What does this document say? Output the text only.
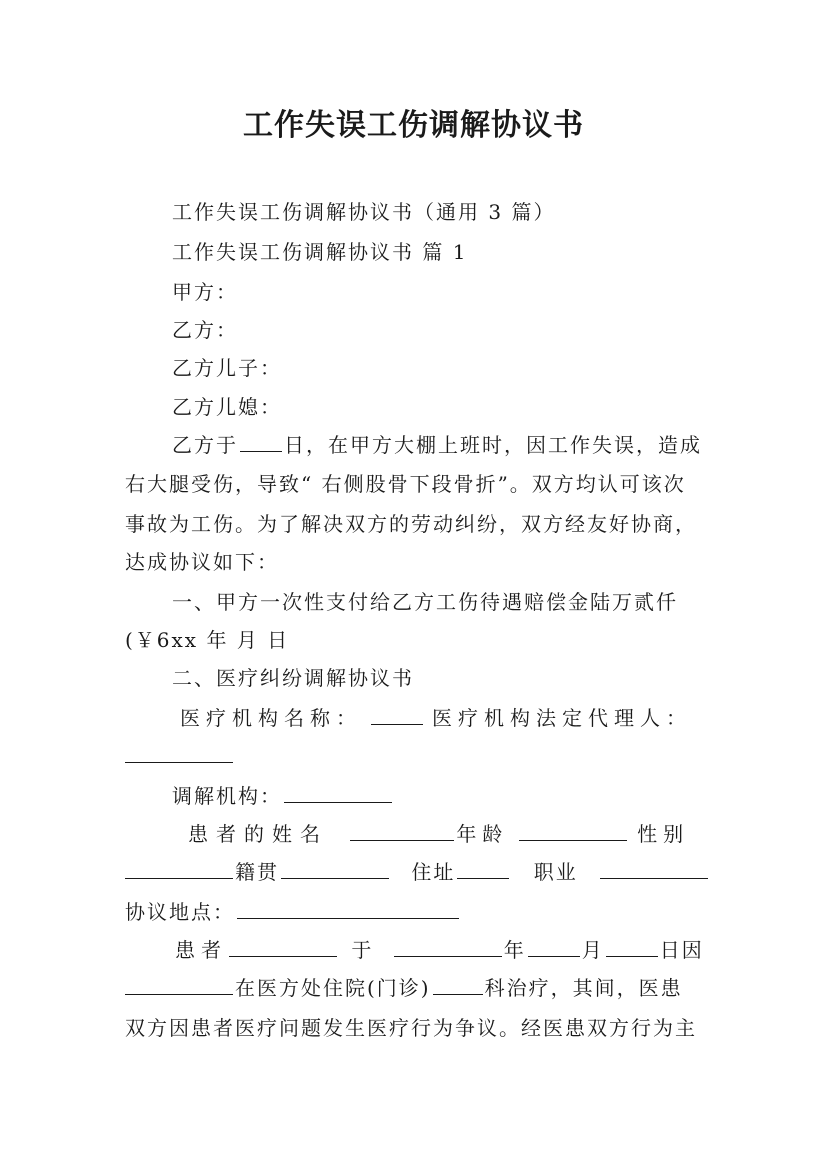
工作失误工伤调解协议书
工作失误工伤调解协议书（通用 3 篇）
工作失误工伤调解协议书 篇 1
甲方：
乙方：
乙方儿子：
乙方儿媳：
乙方于 日，在甲方大棚上班时，因工作失误，造成
右大腿受伤，导致“ 右侧股骨下段骨折”。双方均认可该次
事故为工伤。为了解决双方的劳动纠纷，双方经友好协商，
达成协议如下：
一、甲方一次性支付给乙方工伤待遇赔偿金陆万贰仟
(￥6xx 年 月 日
二、医疗纠纷调解协议书
医疗机构名称：	医疗机构法定代理人：
调解机构：
患者的姓名	年龄	性别
籍贯	住址	职业
协议地点：
患者	于	年	月	日因
在医方处住院(门诊)	科治疗，其间，医患
双方因患者医疗问题发生医疗行为争议。经医患双方行为主
